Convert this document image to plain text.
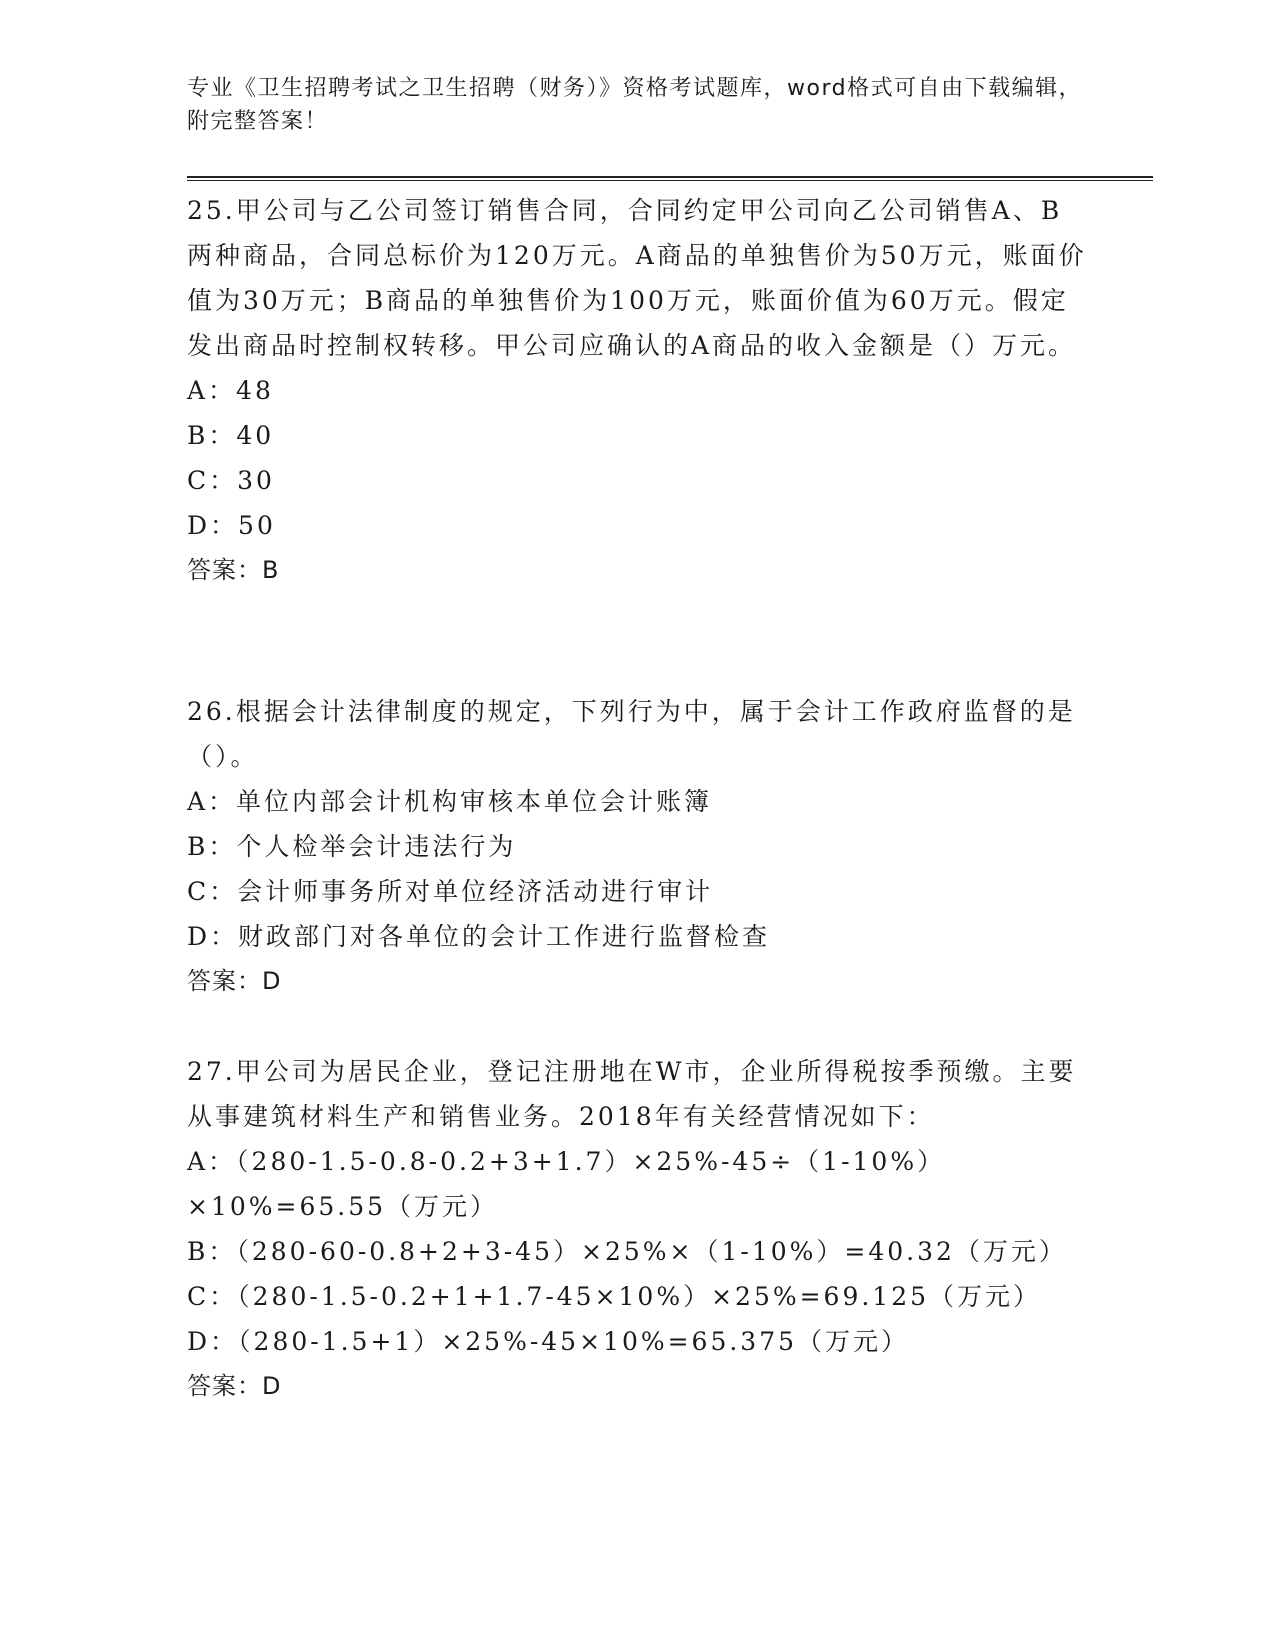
专业《卫生招聘考试之卫生招聘（财务）》资格考试题库，word格式可自由下载编辑，附完整答案！

25.甲公司与乙公司签订销售合同，合同约定甲公司向乙公司销售A、B两种商品，合同总标价为120万元。A商品的单独售价为50万元，账面价值为30万元；B商品的单独售价为100万元，账面价值为60万元。假定发出商品时控制权转移。甲公司应确认的A商品的收入金额是（）万元。

A：48

B：40

C：30

D：50

答案：B

26.根据会计法律制度的规定，下列行为中，属于会计工作政府监督的是（）。

A：单位内部会计机构审核本单位会计账簿

B：个人检举会计违法行为

C：会计师事务所对单位经济活动进行审计

D：财政部门对各单位的会计工作进行监督检查

答案：D

27.甲公司为居民企业，登记注册地在W市，企业所得税按季预缴。主要从事建筑材料生产和销售业务。2018年有关经营情况如下：

A：（280-1.5-0.8-0.2+3+1.7）×25%-45÷（1-10%）×10%=65.55（万元）

B：（280-60-0.8+2+3-45）×25%×（1-10%）=40.32（万元）

C：（280-1.5-0.2+1+1.7-45×10%）×25%=69.125（万元）

D：（280-1.5+1）×25%-45×10%=65.375（万元）

答案：D
